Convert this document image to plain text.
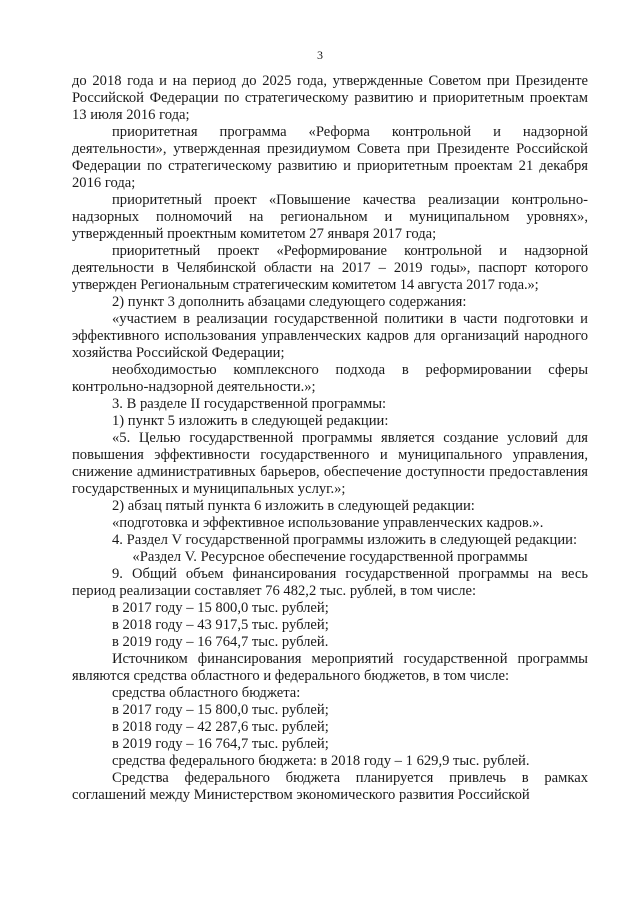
3

до 2018 года и на период до 2025 года, утвержденные Советом при Президенте Российской Федерации по стратегическому развитию и приоритетным проектам 13 июля 2016 года;

приоритетная программа «Реформа контрольной и надзорной деятельности», утвержденная президиумом Совета при Президенте Российской Федерации по стратегическому развитию и приоритетным проектам 21 декабря 2016 года;

приоритетный проект «Повышение качества реализации контрольно-надзорных полномочий на региональном и муниципальном уровнях», утвержденный проектным комитетом 27 января 2017 года;

приоритетный проект «Реформирование контрольной и надзорной деятельности в Челябинской области на 2017 – 2019 годы», паспорт которого утвержден Региональным стратегическим комитетом 14 августа 2017 года.»;

2) пункт 3 дополнить абзацами следующего содержания:

«участием в реализации государственной политики в части подготовки и эффективного использования управленческих кадров для организаций народного хозяйства Российской Федерации;

необходимостью комплексного подхода в реформировании сферы контрольно-надзорной деятельности.»;

3. В разделе II государственной программы:

1) пункт 5 изложить в следующей редакции:

«5. Целью государственной программы является создание условий для повышения эффективности государственного и муниципального управления, снижение административных барьеров, обеспечение доступности предоставления государственных и муниципальных услуг.»;

2) абзац пятый пункта 6 изложить в следующей редакции:

«подготовка и эффективное использование управленческих кадров.».

4. Раздел V государственной программы изложить в следующей редакции:

«Раздел V. Ресурсное обеспечение государственной программы

9. Общий объем финансирования государственной программы на весь период реализации составляет 76 482,2 тыс. рублей, в том числе:

в 2017 году – 15 800,0 тыс. рублей;

в 2018 году – 43 917,5 тыс. рублей;

в 2019 году – 16 764,7 тыс. рублей.

Источником финансирования мероприятий государственной программы являются средства областного и федерального бюджетов, в том числе:

средства областного бюджета:

в 2017 году – 15 800,0 тыс. рублей;

в 2018 году – 42 287,6 тыс. рублей;

в 2019 году – 16 764,7 тыс. рублей;

средства федерального бюджета: в 2018 году – 1 629,9 тыс. рублей.

Средства федерального бюджета планируется привлечь в рамках соглашений между Министерством экономического развития Российской
